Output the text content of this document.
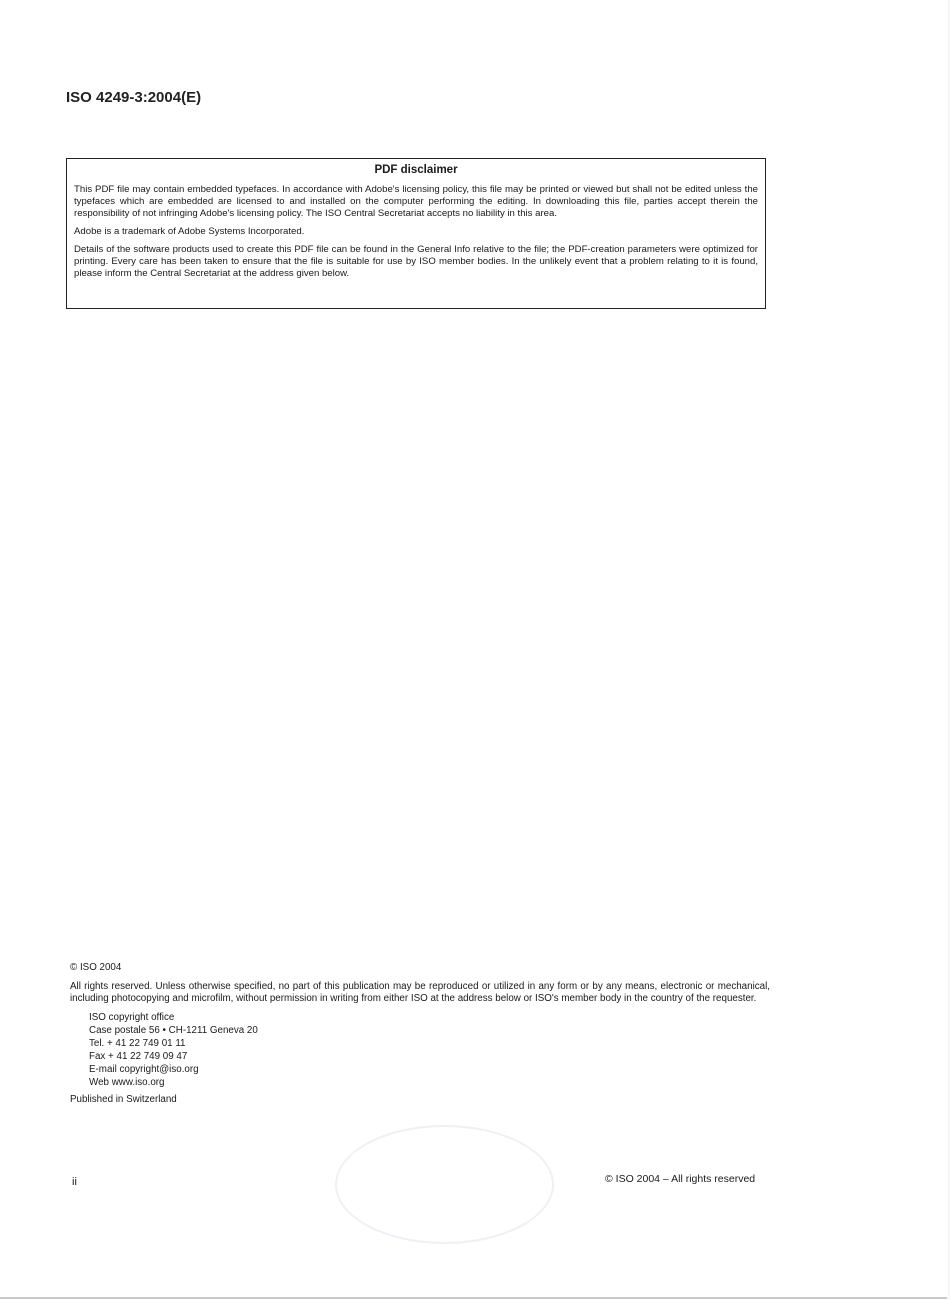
ISO 4249-3:2004(E)
PDF disclaimer

This PDF file may contain embedded typefaces. In accordance with Adobe's licensing policy, this file may be printed or viewed but shall not be edited unless the typefaces which are embedded are licensed to and installed on the computer performing the editing. In downloading this file, parties accept therein the responsibility of not infringing Adobe's licensing policy. The ISO Central Secretariat accepts no liability in this area.

Adobe is a trademark of Adobe Systems Incorporated.

Details of the software products used to create this PDF file can be found in the General Info relative to the file; the PDF-creation parameters were optimized for printing. Every care has been taken to ensure that the file is suitable for use by ISO member bodies. In the unlikely event that a problem relating to it is found, please inform the Central Secretariat at the address given below.

© ISO 2004

All rights reserved. Unless otherwise specified, no part of this publication may be reproduced or utilized in any form or by any means, electronic or mechanical, including photocopying and microfilm, without permission in writing from either ISO at the address below or ISO's member body in the country of the requester.

ISO copyright office
Case postale 56 • CH-1211 Geneva 20
Tel. + 41 22 749 01 11
Fax + 41 22 749 09 47
E-mail copyright@iso.org
Web www.iso.org

Published in Switzerland

ii	© ISO 2004 – All rights reserved
